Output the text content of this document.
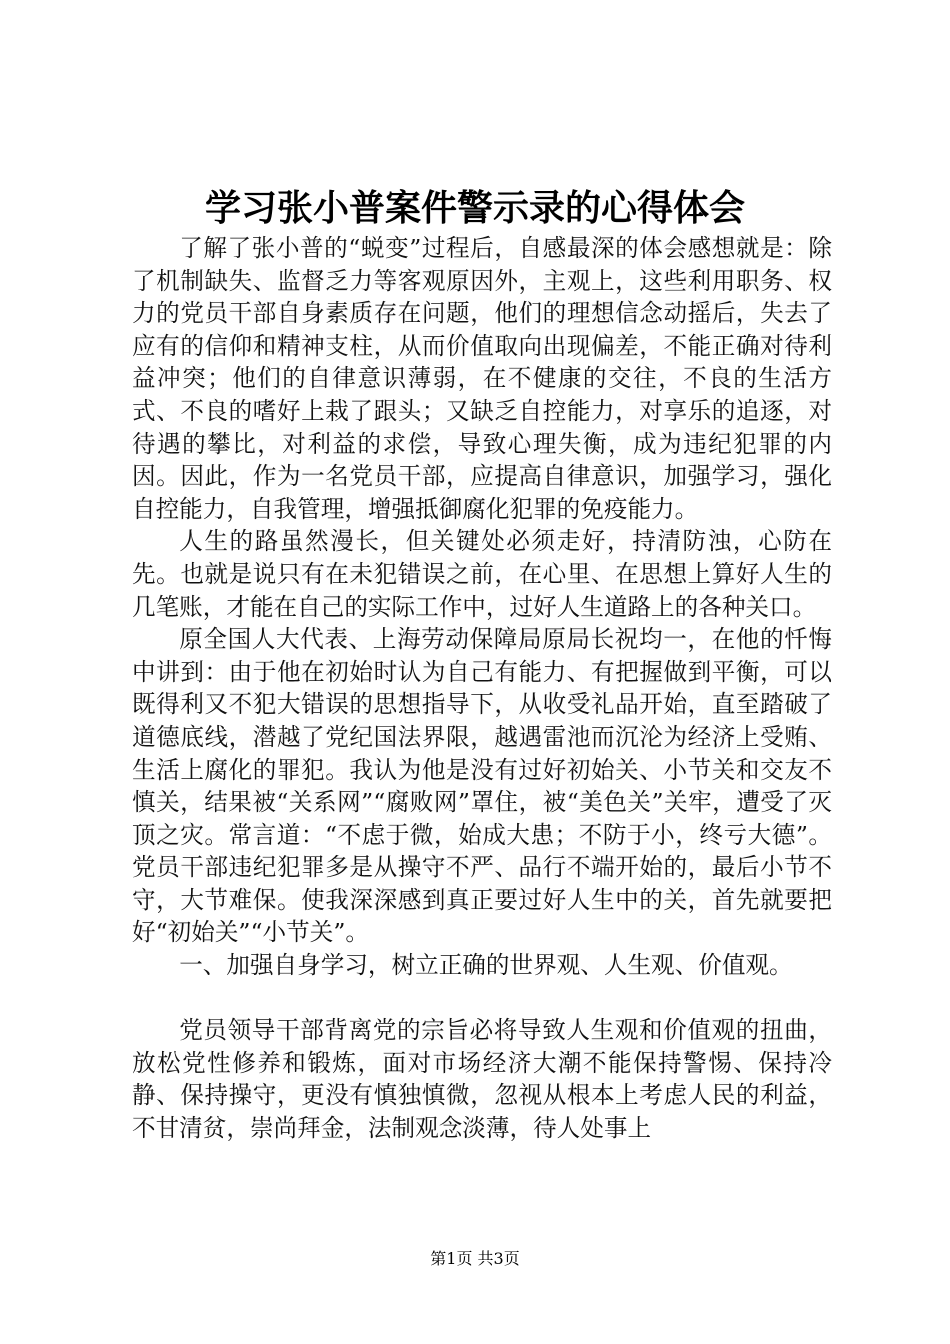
学习张小普案件警示录的心得体会

了解了张小普的“蜕变”过程后，自感最深的体会感想就是：除了机制缺失、监督乏力等客观原因外，主观上，这些利用职务、权力的党员干部自身素质存在问题，他们的理想信念动摇后，失去了应有的信仰和精神支柱，从而价值取向出现偏差，不能正确对待利益冲突；他们的自律意识薄弱，在不健康的交往，不良的生活方式、不良的嗜好上栽了跟头；又缺乏自控能力，对享乐的追逐，对待遇的攀比，对利益的求偿，导致心理失衡，成为违纪犯罪的内因。因此，作为一名党员干部，应提高自律意识，加强学习，强化自控能力，自我管理，增强抵御腐化犯罪的免疫能力。

人生的路虽然漫长，但关键处必须走好，持清防浊，心防在先。也就是说只有在未犯错误之前，在心里、在思想上算好人生的几笔账，才能在自己的实际工作中，过好人生道路上的各种关口。

原全国人大代表、上海劳动保障局原局长祝均一，在他的忏悔中讲到：由于他在初始时认为自己有能力、有把握做到平衡，可以既得利又不犯大错误的思想指导下，从收受礼品开始，直至踏破了道德底线，潜越了党纪国法界限，越遇雷池而沉沦为经济上受贿、生活上腐化的罪犯。我认为他是没有过好初始关、小节关和交友不慎关，结果被“关系网”“腐败网”罩住，被“美色关”关牢，遭受了灭顶之灾。常言道：“不虑于微，始成大患；不防于小，终亏大德”。党员干部违纪犯罪多是从操守不严、品行不端开始的，最后小节不守，大节难保。使我深深感到真正要过好人生中的关，首先就要把好“初始关”“小节关”。

一、加强自身学习，树立正确的世界观、人生观、价值观。

党员领导干部背离党的宗旨必将导致人生观和价值观的扭曲，放松党性修养和锻炼，面对市场经济大潮不能保持警惕、保持冷静、保持操守，更没有慎独慎微，忽视从根本上考虑人民的利益，不甘清贫，崇尚拜金，法制观念淡薄，待人处事上

第1页 共3页
